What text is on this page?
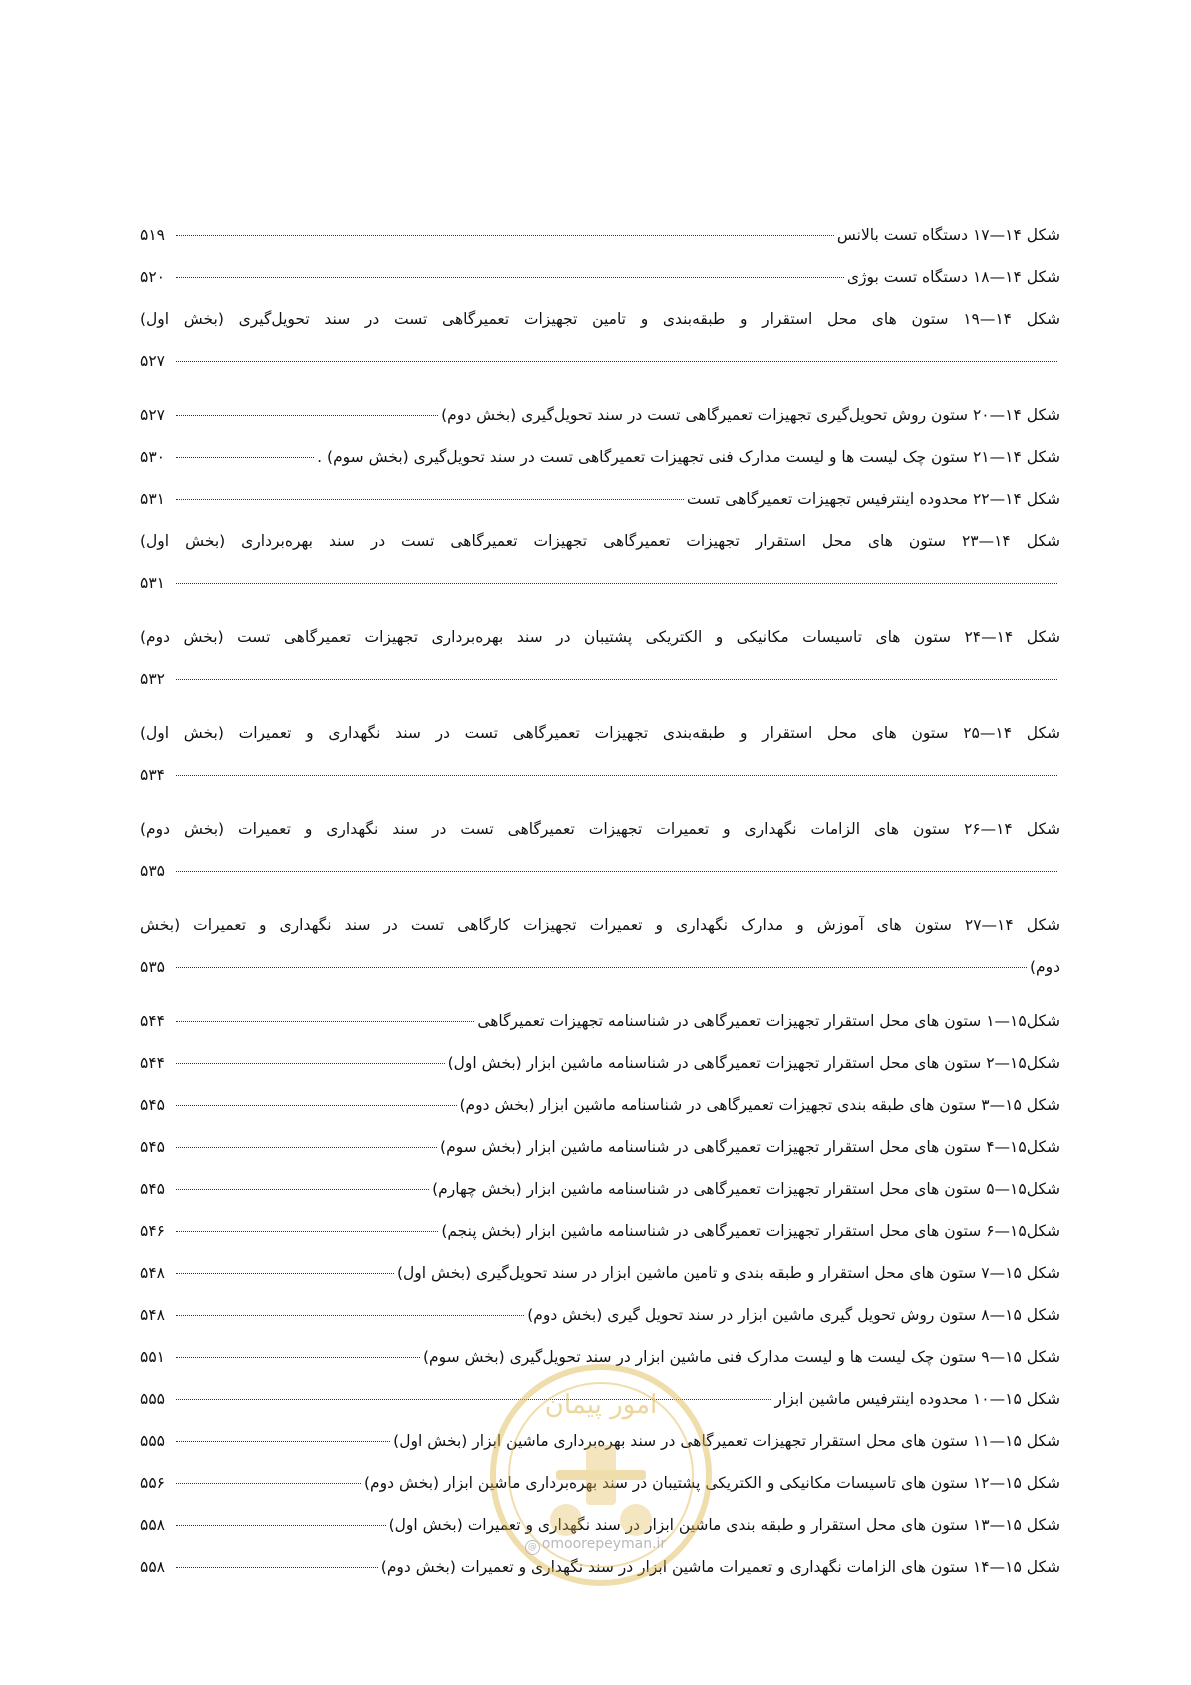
شکل ۱۴—۱۷ دستگاه تست بالانس
۵۱۹
شکل ۱۴—۱۸ دستگاه تست بوژی
۵۲۰
شکل ۱۴—۱۹ ستون های محل استقرار و طبقه‌بندی و تامین تجهیزات تعمیرگاهی تست در سند تحویل‌گیری (بخش اول)
۵۲۷
شکل ۱۴—۲۰ ستون روش تحویل‌گیری تجهیزات تعمیرگاهی تست در سند تحویل‌گیری (بخش دوم)
۵۲۷
شکل ۱۴—۲۱ ستون چک لیست ها و لیست مدارک فنی تجهیزات تعمیرگاهی تست در سند تحویل‌گیری (بخش سوم) .
۵۳۰
شکل ۱۴—۲۲ محدوده اینترفیس تجهیزات تعمیرگاهی تست
۵۳۱
شکل ۱۴—۲۳ ستون های محل استقرار تجهیزات تعمیرگاهی تجهیزات تعمیرگاهی تست در سند بهره‌برداری (بخش اول)
۵۳۱
شکل ۱۴—۲۴ ستون های تاسیسات مکانیکی و الکتریکی پشتیبان در سند بهره‌برداری تجهیزات تعمیرگاهی تست (بخش دوم)
۵۳۲
شکل ۱۴—۲۵ ستون های محل استقرار و طبقه‌بندی تجهیزات تعمیرگاهی تست در سند نگهداری و تعمیرات (بخش اول)
۵۳۴
شکل ۱۴—۲۶ ستون های الزامات نگهداری و تعمیرات تجهیزات تعمیرگاهی تست در سند نگهداری و تعمیرات (بخش دوم)
۵۳۵
شکل ۱۴—۲۷ ستون های آموزش و مدارک نگهداری و تعمیرات تجهیزات کارگاهی تست در سند نگهداری و تعمیرات (بخش
دوم)
۵۳۵
شکل۱۵—۱ ستون های محل استقرار تجهیزات تعمیرگاهی در شناسنامه تجهیزات تعمیرگاهی
۵۴۴
شکل۱۵—۲ ستون های محل استقرار تجهیزات تعمیرگاهی در شناسنامه ماشین ابزار (بخش اول)
۵۴۴
شکل ۱۵—۳ ستون های طبقه بندی تجهیزات تعمیرگاهی در شناسنامه ماشین ابزار (بخش دوم)
۵۴۵
شکل۱۵—۴ ستون های محل استقرار تجهیزات تعمیرگاهی در شناسنامه ماشین ابزار (بخش سوم)
۵۴۵
شکل۱۵—۵ ستون های محل استقرار تجهیزات تعمیرگاهی در شناسنامه ماشین ابزار (بخش چهارم)
۵۴۵
شکل۱۵—۶ ستون های محل استقرار تجهیزات تعمیرگاهی در شناسنامه ماشین ابزار (بخش پنجم)
۵۴۶
شکل ۱۵—۷ ستون های محل استقرار و طبقه بندی و تامین ماشین ابزار در سند تحویل‌گیری (بخش اول)
۵۴۸
شکل ۱۵—۸ ستون روش تحویل گیری ماشین ابزار در سند تحویل گیری (بخش دوم)
۵۴۸
شکل ۱۵—۹ ستون چک لیست ها و لیست مدارک فنی ماشین ابزار در سند تحویل‌گیری (بخش سوم)
۵۵۱
شکل ۱۵—۱۰ محدوده اینترفیس ماشین ابزار
۵۵۵
شکل ۱۵—۱۱ ستون های محل استقرار تجهیزات تعمیرگاهی در سند بهره‌برداری ماشین ابزار (بخش اول)
۵۵۵
شکل ۱۵—۱۲ ستون های تاسیسات مکانیکی و الکتریکی پشتیبان در سند بهره‌برداری ماشین ابزار (بخش دوم)
۵۵۶
شکل ۱۵—۱۳ ستون های محل استقرار و طبقه بندی ماشین ابزار در سند نگهداری و تعمیرات (بخش اول)
۵۵۸
شکل ۱۵—۱۴ ستون های الزامات نگهداری و تعمیرات ماشین ابزار در سند نگهداری و تعمیرات (بخش دوم)
۵۵۸
امور پیمان
@ omoorepeyman.ir
